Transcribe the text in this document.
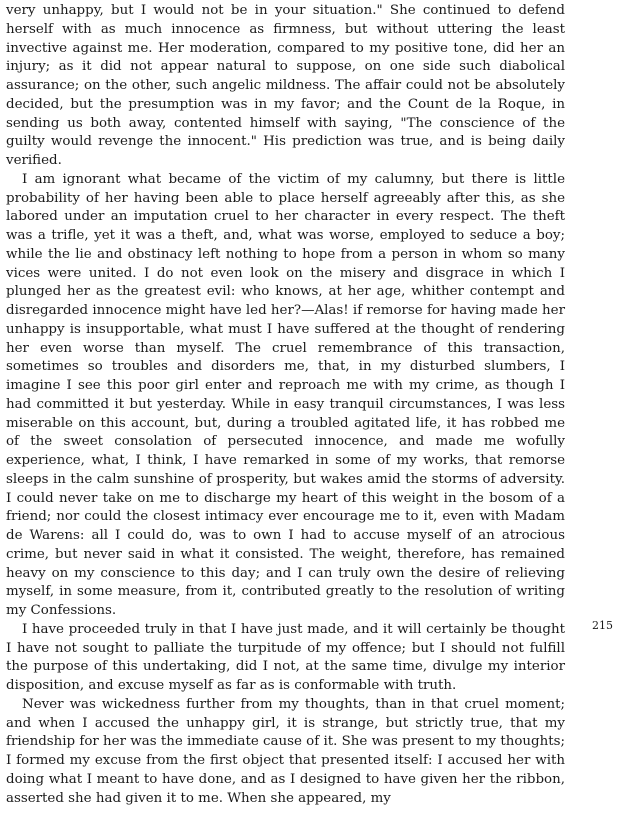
very unhappy, but I would not be in your situation." She continued to defend herself with as much innocence as firmness, but without uttering the least invective against me. Her moderation, compared to my positive tone, did her an injury; as it did not appear natural to suppose, on one side such diabolical assurance; on the other, such angelic mildness. The affair could not be absolutely decided, but the presumption was in my favor; and the Count de la Roque, in sending us both away, contented himself with saying, "The conscience of the guilty would revenge the innocent." His prediction was true, and is being daily verified.

I am ignorant what became of the victim of my calumny, but there is little probability of her having been able to place herself agreeably after this, as she labored under an imputation cruel to her character in every respect. The theft was a trifle, yet it was a theft, and, what was worse, employed to seduce a boy; while the lie and obstinacy left nothing to hope from a person in whom so many vices were united. I do not even look on the misery and disgrace in which I plunged her as the greatest evil: who knows, at her age, whither contempt and disregarded innocence might have led her?—Alas! if remorse for having made her unhappy is insupportable, what must I have suffered at the thought of rendering her even worse than myself. The cruel remembrance of this transaction, sometimes so troubles and disorders me, that, in my disturbed slumbers, I imagine I see this poor girl enter and reproach me with my crime, as though I had committed it but yesterday. While in easy tranquil circumstances, I was less miserable on this account, but, during a troubled agitated life, it has robbed me of the sweet consolation of persecuted innocence, and made me wofully experience, what, I think, I have remarked in some of my works, that remorse sleeps in the calm sunshine of prosperity, but wakes amid the storms of adversity. I could never take on me to discharge my heart of this weight in the bosom of a friend; nor could the closest intimacy ever encourage me to it, even with Madam de Warens: all I could do, was to own I had to accuse myself of an atrocious crime, but never said in what it consisted. The weight, therefore, has remained heavy on my conscience to this day; and I can truly own the desire of relieving myself, in some measure, from it, contributed greatly to the resolution of writing my Confessions.

I have proceeded truly in that I have just made, and it will certainly be thought I have not sought to palliate the turpitude of my offence; but I should not fulfill the purpose of this undertaking, did I not, at the same time, divulge my interior disposition, and excuse myself as far as is conformable with truth.

Never was wickedness further from my thoughts, than in that cruel moment; and when I accused the unhappy girl, it is strange, but strictly true, that my friendship for her was the immediate cause of it. She was present to my thoughts; I formed my excuse from the first object that presented itself: I accused her with doing what I meant to have done, and as I designed to have given her the ribbon, asserted she had given it to me. When she appeared, my

215
